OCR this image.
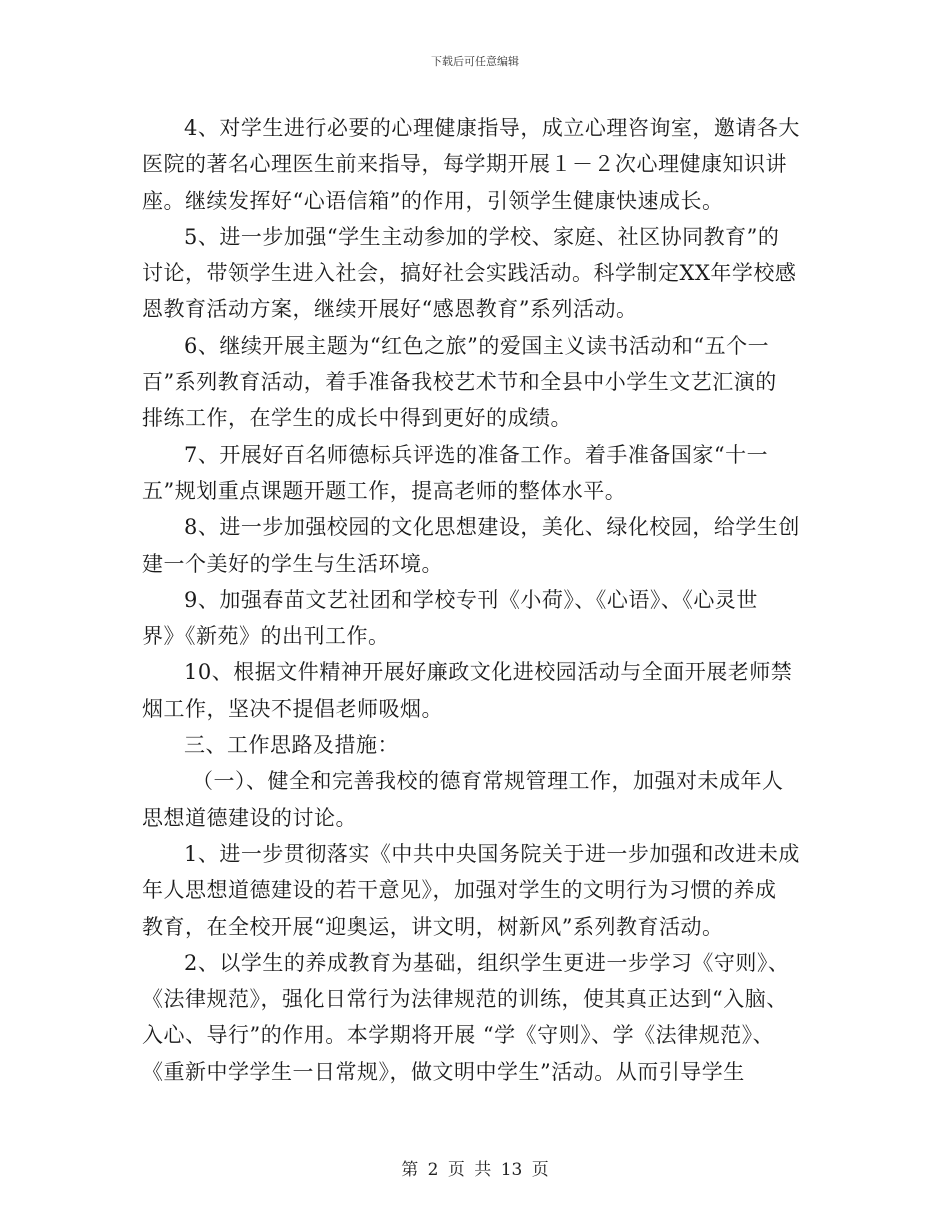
下载后可任意编辑
4、对学生进行必要的心理健康指导，成立心理咨询室，邀请各大
医院的著名心理医生前来指导，每学期开展１－２次心理健康知识讲
座。继续发挥好“心语信箱”的作用，引领学生健康快速成长。
5、进一步加强“学生主动参加的学校、家庭、社区协同教育”的
讨论，带领学生进入社会，搞好社会实践活动。科学制定XX年学校感
恩教育活动方案，继续开展好“感恩教育”系列活动。
6、继续开展主题为“红色之旅”的爱国主义读书活动和“五个一
百”系列教育活动，着手准备我校艺术节和全县中小学生文艺汇演的
排练工作，在学生的成长中得到更好的成绩。
7、开展好百名师德标兵评选的准备工作。着手准备国家“十一
五”规划重点课题开题工作，提高老师的整体水平。
8、进一步加强校园的文化思想建设，美化、绿化校园，给学生创
建一个美好的学生与生活环境。
9、加强春苗文艺社团和学校专刊《小荷》、《心语》、《心灵世
界》《新苑》的出刊工作。
10、根据文件精神开展好廉政文化进校园活动与全面开展老师禁
烟工作，坚决不提倡老师吸烟。
三、工作思路及措施：
（一）、健全和完善我校的德育常规管理工作，加强对未成年人
思想道德建设的讨论。
1、进一步贯彻落实《中共中央国务院关于进一步加强和改进未成
年人思想道德建设的若干意见》，加强对学生的文明行为习惯的养成
教育，在全校开展“迎奥运，讲文明，树新风”系列教育活动。
2、以学生的养成教育为基础，组织学生更进一步学习《守则》、
《法律规范》，强化日常行为法律规范的训练，使其真正达到“入脑、
入心、导行”的作用。本学期将开展 “学《守则》、学《法律规范》、
《重新中学学生一日常规》，做文明中学生”活动。从而引导学生
第 2 页 共 13 页
